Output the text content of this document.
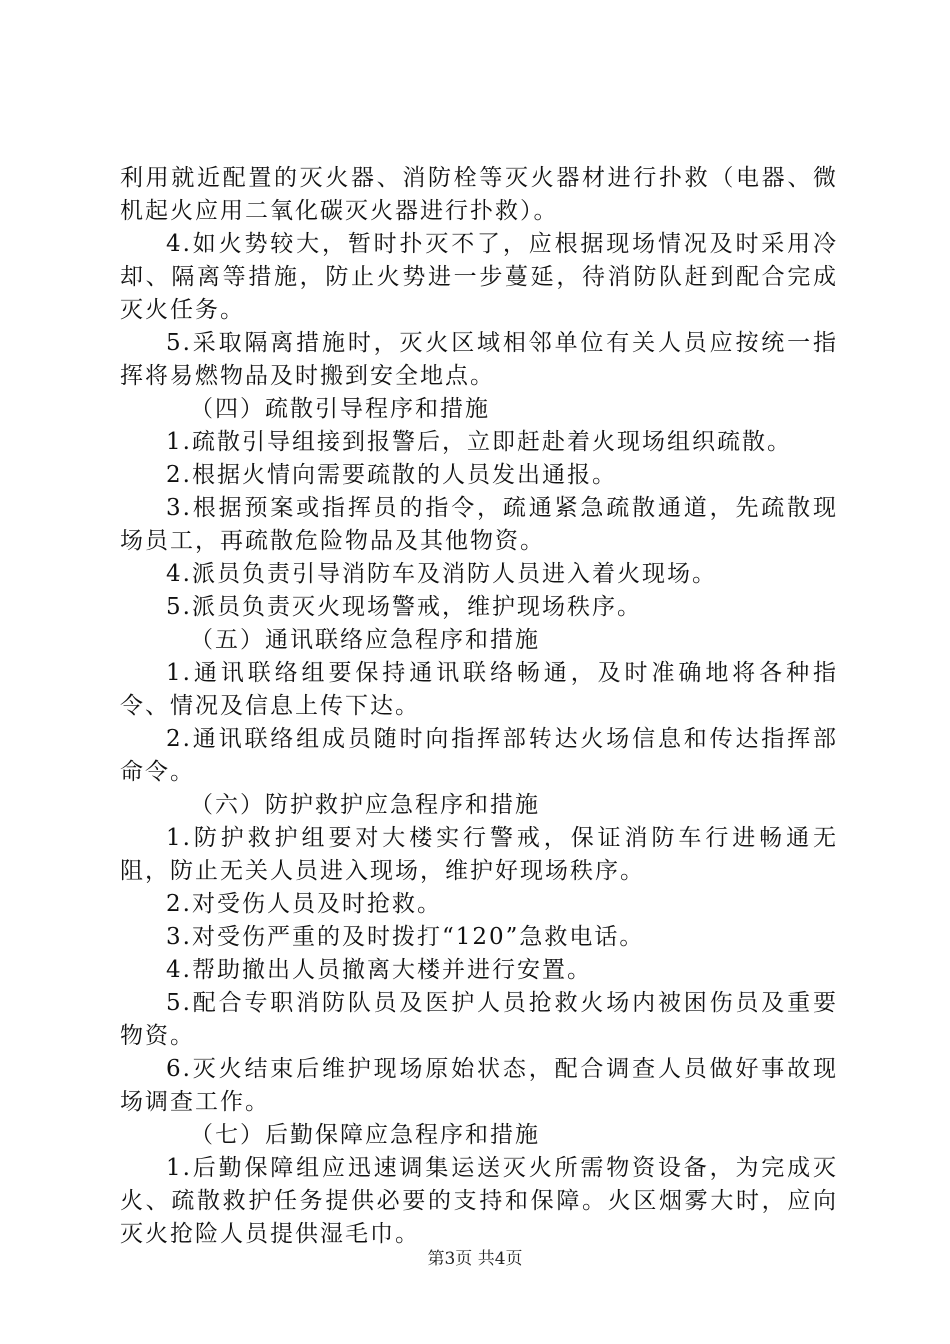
利用就近配置的灭火器、消防栓等灭火器材进行扑救（电器、微机起火应用二氧化碳灭火器进行扑救）。

4.如火势较大，暂时扑灭不了，应根据现场情况及时采用冷却、隔离等措施，防止火势进一步蔓延，待消防队赶到配合完成灭火任务。

5.采取隔离措施时，灭火区域相邻单位有关人员应按统一指挥将易燃物品及时搬到安全地点。

（四）疏散引导程序和措施

1.疏散引导组接到报警后，立即赶赴着火现场组织疏散。

2.根据火情向需要疏散的人员发出通报。

3.根据预案或指挥员的指令，疏通紧急疏散通道，先疏散现场员工，再疏散危险物品及其他物资。

4.派员负责引导消防车及消防人员进入着火现场。

5.派员负责灭火现场警戒，维护现场秩序。

（五）通讯联络应急程序和措施

1.通讯联络组要保持通讯联络畅通，及时准确地将各种指令、情况及信息上传下达。

2.通讯联络组成员随时向指挥部转达火场信息和传达指挥部命令。

（六）防护救护应急程序和措施

1.防护救护组要对大楼实行警戒，保证消防车行进畅通无阻，防止无关人员进入现场，维护好现场秩序。

2.对受伤人员及时抢救。

3.对受伤严重的及时拨打“120”急救电话。

4.帮助撤出人员撤离大楼并进行安置。

5.配合专职消防队员及医护人员抢救火场内被困伤员及重要物资。

6.灭火结束后维护现场原始状态，配合调查人员做好事故现场调查工作。

（七）后勤保障应急程序和措施

1.后勤保障组应迅速调集运送灭火所需物资设备，为完成灭火、疏散救护任务提供必要的支持和保障。火区烟雾大时，应向灭火抢险人员提供湿毛巾。

第3页 共4页
